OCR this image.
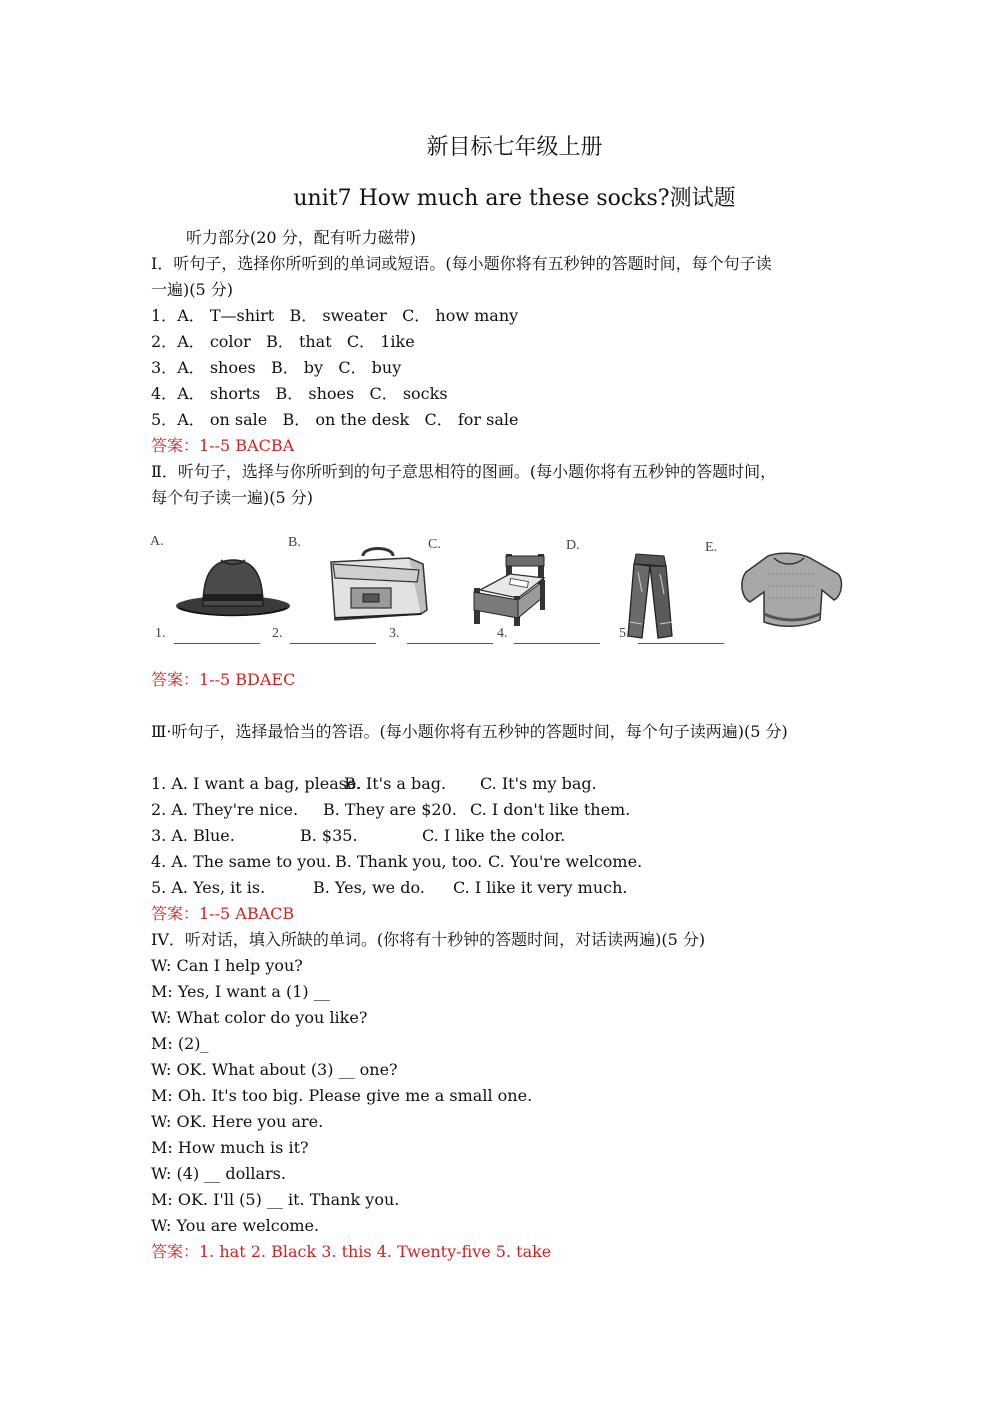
新目标七年级上册
unit7 How much are these socks?测试题
听力部分(20 分，配有听力磁带)
Ⅰ．听句子，选择你所听到的单词或短语。(每小题你将有五秒钟的答题时间，每个句子读
一遍)(5 分)
1．A． T—shirt B． sweater C． how many
2．A． color B． that C． 1ike
3．A． shoes B． by C． buy
4．A． shorts B． shoes C． socks
5．A． on sale B． on the desk C． for sale
答案：1--5 BACBA
Ⅱ．听句子，选择与你所听到的句子意思相符的图画。(每小题你将有五秒钟的答题时间，
每个句子读一遍)(5 分)
A.	B.	C.	D.	E.
1.	2.	3.	4.	5.
答案：1--5 BDAEC
Ⅲ·听句子，选择最恰当的答语。(每小题你将有五秒钟的答题时间，每个句子读两遍)(5 分)
1. A. I want a bag, please.
B. It's a bag. C. It's my bag.
2. A. They're nice. B. They are $20. C. I don't like them.
3. A. Blue.	B. $35.	C. I like the color.
4. A. The same to you. B. Thank you, too. C. You're welcome.
5. A. Yes, it is.	B. Yes, we do. C. I like it very much.
答案：1--5 ABACB
IV．听对话，填入所缺的单词。(你将有十秒钟的答题时间，对话读两遍)(5 分)
W: Can I help you?
M: Yes, I want a (1) __
W: What color do you like?
M: (2)_
W: OK. What about (3) __ one?
M: Oh. It's too big. Please give me a small one.
W: OK. Here you are.
M: How much is it?
W: (4) __ dollars.
M: OK. I'll (5) __ it. Thank you.
W: You are welcome.
答案：1. hat 2. Black 3. this 4. Twenty-five 5. take
